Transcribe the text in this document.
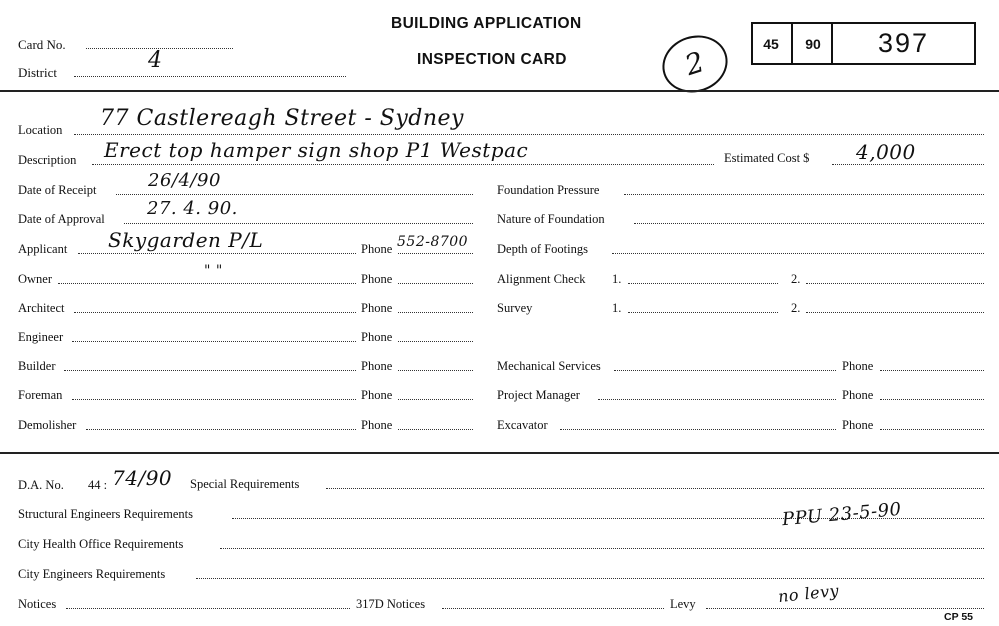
Card No.
District	4
BUILDING APPLICATION
INSPECTION CARD	2
45	90	397
Location 77 Castlereagh Street - Sydney
Description Erect top hamper sign shop P1 Westpac	Estimated Cost $ 4,000
Date of Receipt	26/4/90
Date of Approval 27. 4. 90.
Applicant Skygarden P/L	Phone 552-8700
Owner	" "	Phone
Architect	Phone
Engineer	Phone
Builder	Phone
Foreman	Phone
Demolisher	Phone
Foundation Pressure
Nature of Foundation
Depth of Footings
Alignment Check 1.	2.
Survey	1.	2.
Mechanical Services	Phone
Project Manager	Phone
Excavator	Phone
D.A. No. 44 : 74/90 Special Requirements
Structural Engineers Requirements	PPU 23-5-90
City Health Office Requirements
City Engineers Requirements
Notices	317D Notices	Levy	no levy
CP 55
